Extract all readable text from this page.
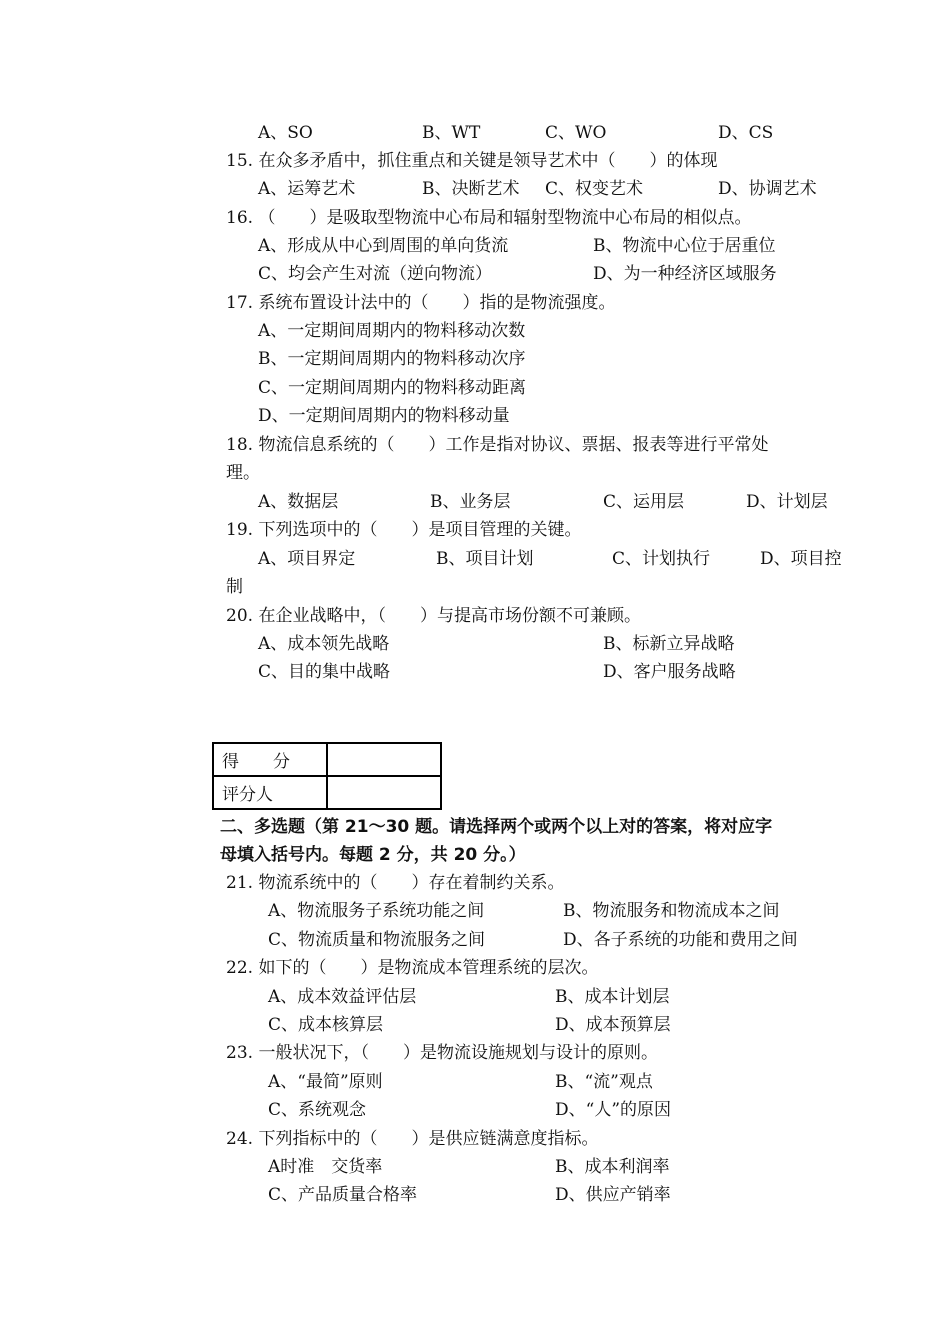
A、SO	B、WT	C、WO	D、CS
15. 在众多矛盾中，抓住重点和关键是领导艺术中（　　）的体现
A、运筹艺术	B、决断艺术 C、权变艺术	D、协调艺术
16. （　　）是吸取型物流中心布局和辐射型物流中心布局的相似点。
A、形成从中心到周围的单向货流	B、物流中心位于居重位
C、均会产生对流（逆向物流）	D、为一种经济区域服务
17. 系统布置设计法中的（　　）指的是物流强度。
A、一定期间周期内的物料移动次数
B、一定期间周期内的物料移动次序
C、一定期间周期内的物料移动距离
D、一定期间周期内的物料移动量
18. 物流信息系统的（　　）工作是指对协议、票据、报表等进行平常处
理。
A、数据层	B、业务层	C、运用层	D、计划层
19. 下列选项中的（　　）是项目管理的关键。
A、项目界定	B、项目计划	C、计划执行	D、项目控
制
20. 在企业战略中，（　　）与提高市场份额不可兼顾。
A、成本领先战略	B、标新立异战略
C、目的集中战略	D、客户服务战略
得　　分	
评分人	
二、多选题（第 21～30 题。请选择两个或两个以上对的答案，将对应字
母填入括号内。每题 2 分，共 20 分。）
21. 物流系统中的（　　）存在着制约关系。
A、物流服务子系统功能之间	B、物流服务和物流成本之间
C、物流质量和物流服务之间	D、各子系统的功能和费用之间
22. 如下的（　　）是物流成本管理系统的层次。
A、成本效益评估层	B、成本计划层
C、成本核算层	D、成本预算层
23. 一般状况下，（　　）是物流设施规划与设计的原则。
A、“最简”原则	B、“流”观点
C、系统观念	D、“人”的原因
24. 下列指标中的（　　）是供应链满意度指标。
A时准　交货率	B、成本利润率
C、产品质量合格率	D、供应产销率
